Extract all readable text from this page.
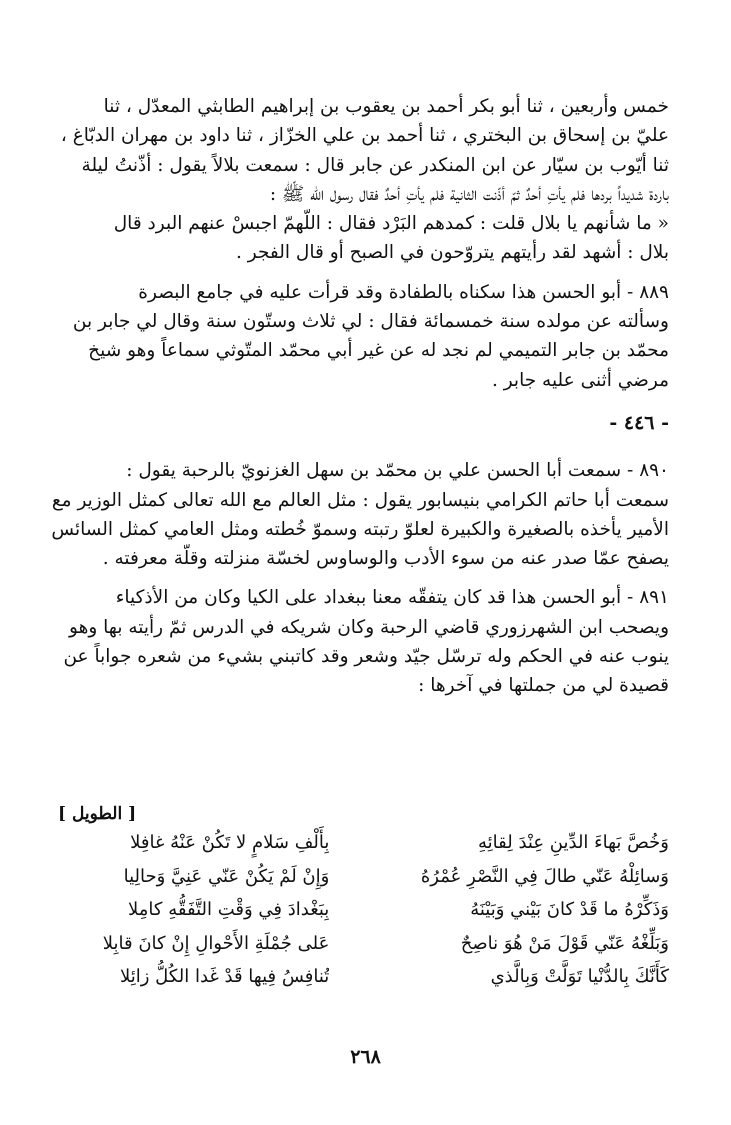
خمس وأربعين ، ثنا أبو بكر أحمد بن يعقوب بن إبراهيم الطابثي المعدّل ، ثنا
عليّ بن إسحاق بن البختري ، ثنا أحمد بن علي الخزّاز ، ثنا داود بن مهران الدبّاغ ،
ثنا أيّوب بن سيّار عن ابن المنكدر عن جابر قال : سمعت بلالاً يقول : أذّنتُ ليلة
باردة شديداً بردها فلم يأتِ أحدٌ ثمّ أذّنت الثانية فلم يأتِ أحدٌ فقال رسول الله ﷺ :
« ما شأنهم يا بلال قلت : كمدهم البَرْد فقال : اللّهمّ اجبسْ عنهم البرد قال
بلال : أشهد لقد رأيتهم يتروّحون في الصبح أو قال الفجر .

٨٨٩ - أبو الحسن هذا سكناه بالطفادة وقد قرأت عليه في جامع البصرة
وسألته عن مولده سنة خمسمائة فقال : لي ثلاث وستّون سنة وقال لي جابر بن
محمّد بن جابر التميمي لم نجد له عن غير أبي محمّد المتّوثي سماعاً وهو شيخ
مرضي أثنى عليه جابر .

- ٤٤٦ -

٨٩٠ - سمعت أبا الحسن علي بن محمّد بن سهل الغزنويّ بالرحبة يقول :
سمعت أبا حاتم الكرامي بنيسابور يقول : مثل العالم مع الله تعالى كمثل الوزير مع
الأمير يأخذه بالصغيرة والكبيرة لعلوّ رتبته وسموّ خُطته ومثل العامي كمثل السائس
يصفح عمّا صدر عنه من سوء الأدب والوساوس لخسّة منزلته وقلّة معرفته .

٨٩١ - أبو الحسن هذا قد كان يتفقّه معنا ببغداد على الكيا وكان من الأذكياء
ويصحب ابن الشهرزوري قاضي الرحبة وكان شريكه في الدرس ثمّ رأيته بها وهو
ينوب عنه في الحكم وله ترسّل جيّد وشعر وقد كاتبني بشيء من شعره جواباً عن
قصيدة لي من جملتها في آخرها :

[ الطويل ]
وَخُصَّ بَهاءَ الدِّينِ عِنْدَ لِقائِهِ
بِأَلْفِ سَلامٍ لا تَكُنْ عَنْهُ غافِلا
وَسائِلْهُ عَنّي طالَ فِي النَّصْرِ عُمْرُهُ
وَإِنْ لَمْ يَكُنْ عَنّي عَنِيَّ وَحالِيا
وَذَكِّرْهُ ما قَدْ كانَ بَيْني وَبَيْنَهُ
بِبَغْدادَ فِي وَقْتِ التَّفَقُّهِ كامِلا
وَبَلِّغْهُ عَنّي قَوْلَ مَنْ هُوَ ناصِحٌ
عَلى جُمْلَةِ الأَحْوالِ إِنْ كانَ قابِلا
كَأَنَّكَ بِالدُّنْيا تَوَلَّتْ وَبِالَّذي
تُنافِسُ فِيها قَدْ غَدا الكُلُّ زائِلا
٢٦٨
